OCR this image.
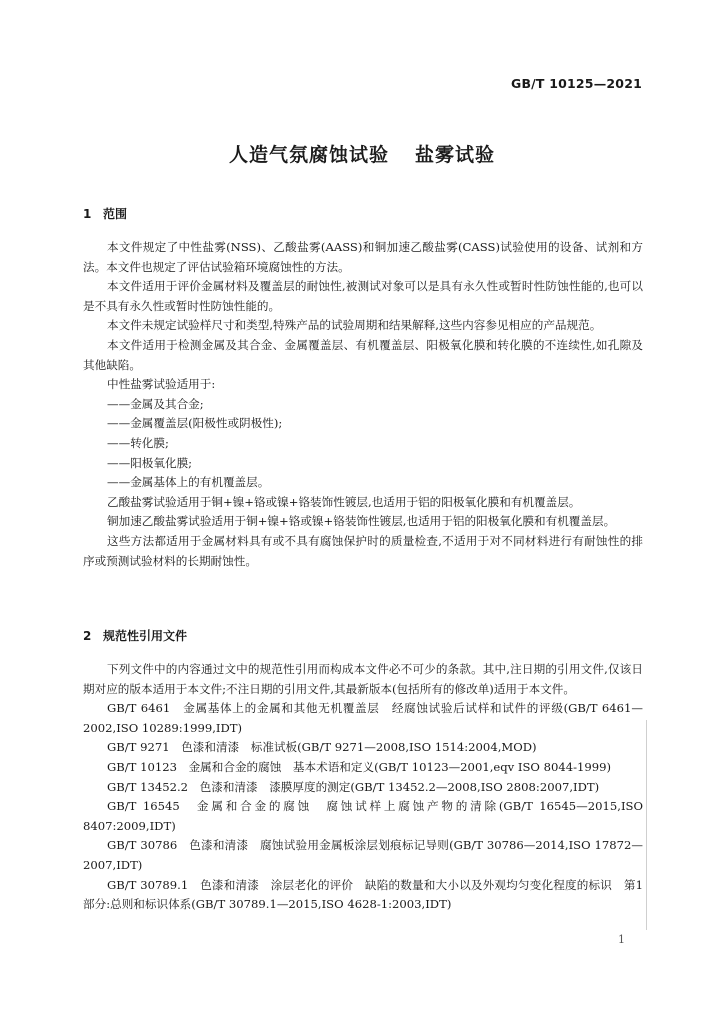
GB/T 10125—2021
人造气氛腐蚀试验 盐雾试验
1 范围

本文件规定了中性盐雾(NSS)、乙酸盐雾(AASS)和铜加速乙酸盐雾(CASS)试验使用的设备、试剂和方法。本文件也规定了评估试验箱环境腐蚀性的方法。

本文件适用于评价金属材料及覆盖层的耐蚀性,被测试对象可以是具有永久性或暂时性防蚀性能的,也可以是不具有永久性或暂时性防蚀性能的。

本文件未规定试验样尺寸和类型,特殊产品的试验周期和结果解释,这些内容参见相应的产品规范。

本文件适用于检测金属及其合金、金属覆盖层、有机覆盖层、阳极氧化膜和转化膜的不连续性,如孔隙及其他缺陷。

中性盐雾试验适用于:

——金属及其合金;

——金属覆盖层(阳极性或阴极性);

——转化膜;

——阳极氧化膜;

——金属基体上的有机覆盖层。

乙酸盐雾试验适用于铜+镍+铬或镍+铬装饰性镀层,也适用于铝的阳极氧化膜和有机覆盖层。

铜加速乙酸盐雾试验适用于铜+镍+铬或镍+铬装饰性镀层,也适用于铝的阳极氧化膜和有机覆盖层。

这些方法都适用于金属材料具有或不具有腐蚀保护时的质量检查,不适用于对不同材料进行有耐蚀性的排序或预测试验材料的长期耐蚀性。

2 规范性引用文件

下列文件中的内容通过文中的规范性引用而构成本文件必不可少的条款。其中,注日期的引用文件,仅该日期对应的版本适用于本文件;不注日期的引用文件,其最新版本(包括所有的修改单)适用于本文件。

GB/T 6461　金属基体上的金属和其他无机覆盖层　经腐蚀试验后试样和试件的评级(GB/T 6461—2002,ISO 10289:1999,IDT)

GB/T 9271　色漆和清漆　标准试板(GB/T 9271—2008,ISO 1514:2004,MOD)

GB/T 10123　金属和合金的腐蚀　基本术语和定义(GB/T 10123—2001,eqv ISO 8044-1999)

GB/T 13452.2　色漆和清漆　漆膜厚度的测定(GB/T 13452.2—2008,ISO 2808:2007,IDT)

GB/T 16545　金属和合金的腐蚀　腐蚀试样上腐蚀产物的清除(GB/T 16545—2015,ISO 8407:2009,IDT)

GB/T 30786　色漆和清漆　腐蚀试验用金属板涂层划痕标记导则(GB/T 30786—2014,ISO 17872—2007,IDT)

GB/T 30789.1　色漆和清漆　涂层老化的评价　缺陷的数量和大小以及外观均匀变化程度的标识　第1部分:总则和标识体系(GB/T 30789.1—2015,ISO 4628-1:2003,IDT)

1
